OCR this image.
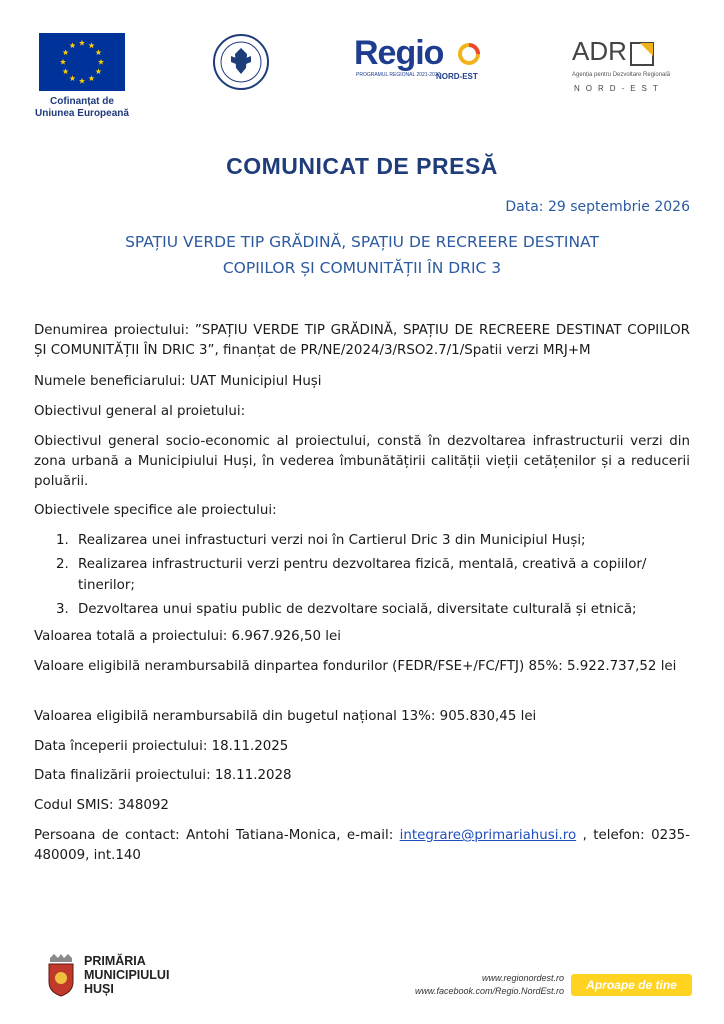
Cofinanțat de
Uniunea Europeană
Regio
PROGRAMUL REGIONAL 2021-2027
NORD-EST
ADR
Agenția pentru Dezvoltare Regională
NORD-EST
COMUNICAT DE PRESĂ
Data: 29 septembrie 2026
SPAȚIU VERDE TIP GRĂDINĂ, SPAȚIU DE RECREERE DESTINAT
COPIILOR ȘI COMUNITĂȚII ÎN DRIC 3
Denumirea proiectului: ”SPAȚIU VERDE TIP GRĂDINĂ, SPAȚIU DE RECREERE DESTINAT COPIILOR ȘI COMUNITĂȚII ÎN DRIC 3”, finanțat de PR/NE/2024/3/RSO2.7/1/Spatii verzi MRJ+M
Numele beneficiarului: UAT Municipiul Huși
Obiectivul general al proietului:
Obiectivul general socio-economic al proiectului, constă în dezvoltarea infrastructurii verzi din zona urbană a Municipiului Huși, în vederea îmbunătățirii calității vieții cetățenilor și a reducerii poluării.
Obiectivele specifice ale proiectului:
1. Realizarea unei infrastucturi verzi noi în Cartierul Dric 3 din Municipiul Huși;
2. Realizarea infrastructurii verzi pentru dezvoltarea fizică, mentală, creativă a copiilor/ tinerilor;
3. Dezvoltarea unui spatiu public de dezvoltare socială, diversitate culturală și etnică;
Valoarea totală a proiectului: 6.967.926,50 lei
Valoare eligibilă nerambursabilă dinpartea fondurilor (FEDR/FSE+/FC/FTJ) 85%: 5.922.737,52 lei
Valoarea eligibilă nerambursabilă din bugetul național 13%: 905.830,45 lei
Data începerii proiectului: 18.11.2025
Data finalizării proiectului: 18.11.2028
Codul SMIS: 348092
Persoana de contact: Antohi Tatiana-Monica, e-mail: integrare@primariahusi.ro , telefon: 0235-480009, int.140
PRIMĂRIA
MUNICIPIULUI
HUȘI
www.regionordest.ro
www.facebook.com/Regio.NordEst.ro	Aproape de tine
